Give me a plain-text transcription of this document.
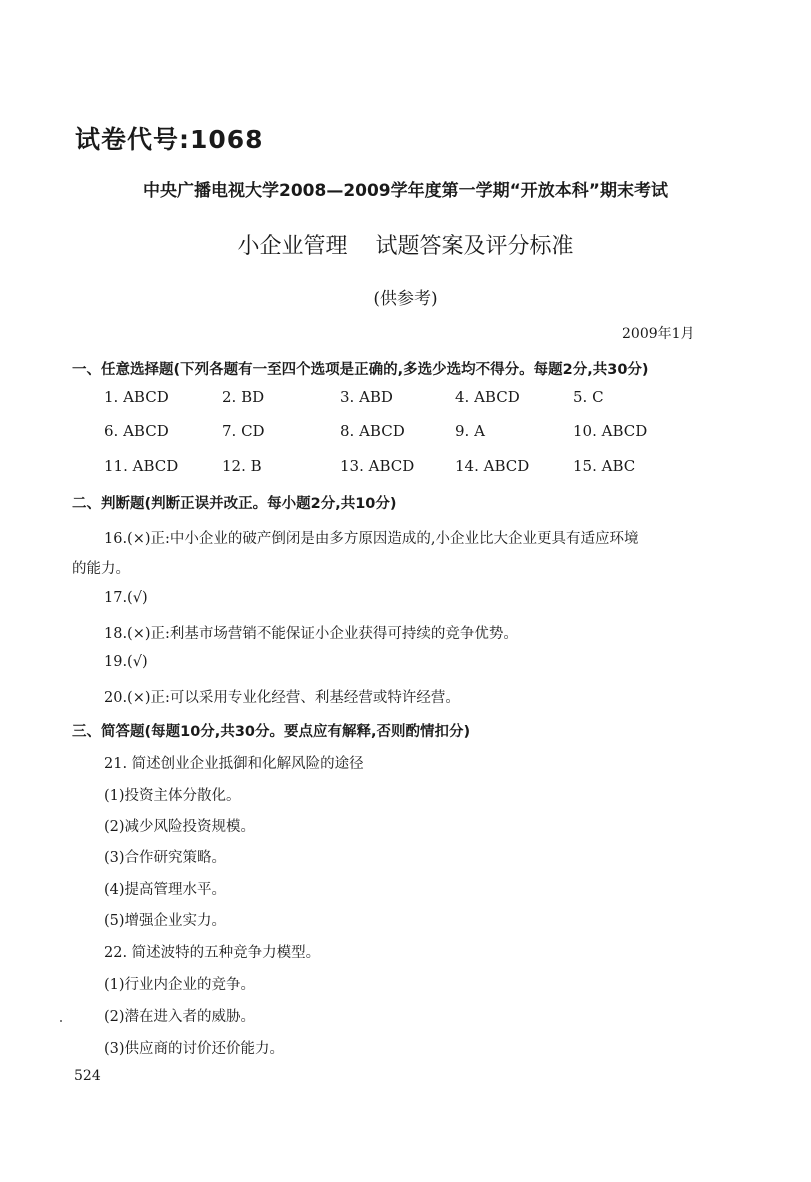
试卷代号:1068
中央广播电视大学2008—2009学年度第一学期“开放本科”期末考试
小企业管理 试题答案及评分标准
(供参考)
2009年1月
一、任意选择题(下列各题有一至四个选项是正确的,多选少选均不得分。每题2分,共30分)
1. ABCD	2. BD	3. ABD	4. ABCD	5. C
6. ABCD	7. CD	8. ABCD	9. A	10. ABCD
11. ABCD	12. B	13. ABCD	14. ABCD	15. ABC
二、判断题(判断正误并改正。每小题2分,共10分)
16.(×)正:中小企业的破产倒闭是由多方原因造成的,小企业比大企业更具有适应环境
的能力。
17.(√)
18.(×)正:利基市场营销不能保证小企业获得可持续的竞争优势。
19.(√)
20.(×)正:可以采用专业化经营、利基经营或特许经营。
三、简答题(每题10分,共30分。要点应有解释,否则酌情扣分)
21. 简述创业企业抵御和化解风险的途径
(1)投资主体分散化。
(2)减少风险投资规模。
(3)合作研究策略。
(4)提高管理水平。
(5)增强企业实力。
22. 简述波特的五种竞争力模型。
(1)行业内企业的竞争。
(2)潜在进入者的威胁。
(3)供应商的讨价还价能力。
524
